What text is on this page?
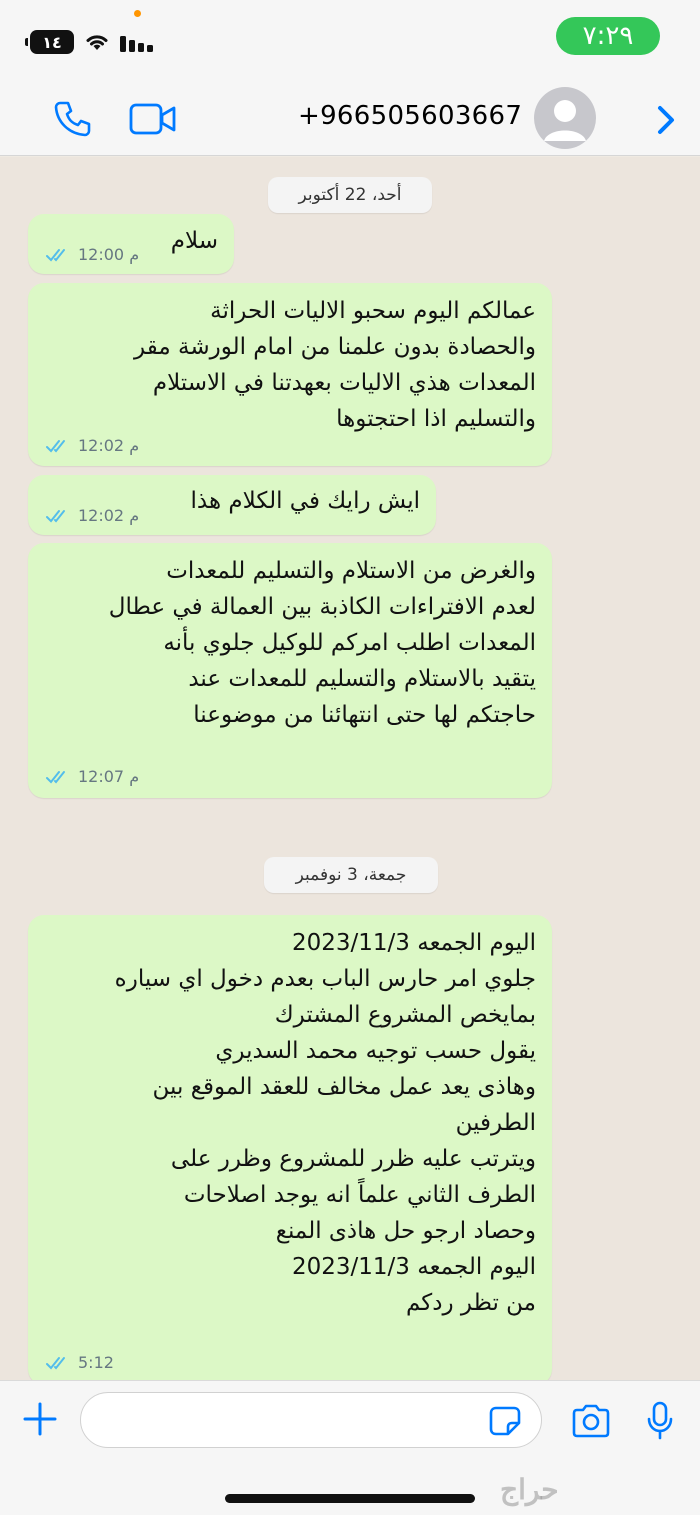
١٤	٧:٢٩
+966505603667
أحد، 22 أكتوبر
سلام
12:00 م
عمالكم اليوم سحبو الاليات الحراثة
والحصادة بدون علمنا من امام الورشة مقر
المعدات هذي الاليات بعهدتنا في الاستلام
والتسليم اذا احتجتوها
12:02 م
ايش رايك في الكلام هذا
12:02 م
والغرض من الاستلام والتسليم للمعدات
لعدم الافتراءات الكاذبة بين العمالة في عطال
المعدات اطلب امركم للوكيل جلوي بأنه
يتقيد بالاستلام والتسليم للمعدات عند
حاجتكم لها حتى انتهائنا من موضوعنا
12:07 م
جمعة، 3 نوفمبر
اليوم الجمعه 2023/11/3
جلوي امر حارس الباب بعدم دخول اي سياره
بمايخص المشروع المشترك
يقول حسب توجيه محمد السديري
وهاذى يعد عمل مخالف للعقد الموقع بين
الطرفين
ويترتب عليه ظرر للمشروع وظرر على
الطرف الثاني علماً انه يوجد اصلاحات
وحصاد ارجو حل هاذى المنع
اليوم الجمعه 2023/11/3
من تظر ردكم
5:12
حراج
